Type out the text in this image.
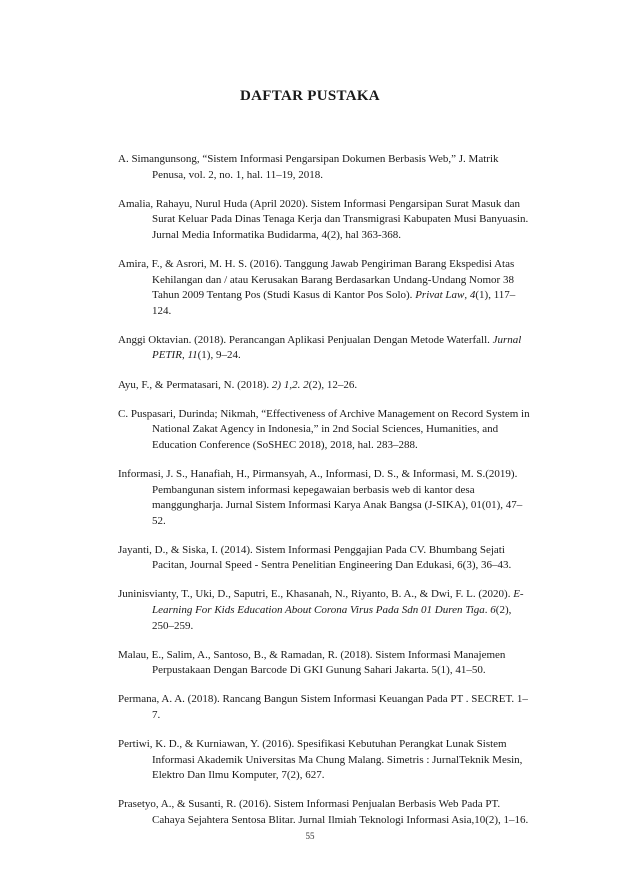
DAFTAR PUSTAKA
A. Simangunsong, “Sistem Informasi Pengarsipan Dokumen Berbasis Web,” J. Matrik Penusa, vol. 2, no. 1, hal. 11–19, 2018.
Amalia, Rahayu, Nurul Huda (April 2020). Sistem Informasi Pengarsipan Surat Masuk dan Surat Keluar Pada Dinas Tenaga Kerja dan Transmigrasi Kabupaten Musi Banyuasin. Jurnal Media Informatika Budidarma, 4(2), hal 363-368.
Amira, F., & Asrori, M. H. S. (2016). Tanggung Jawab Pengiriman Barang Ekspedisi Atas Kehilangan dan / atau Kerusakan Barang Berdasarkan Undang-Undang Nomor 38 Tahun 2009 Tentang Pos (Studi Kasus di Kantor Pos Solo). Privat Law, 4(1), 117–124.
Anggi Oktavian. (2018). Perancangan Aplikasi Penjualan Dengan Metode Waterfall. Jurnal PETIR, 11(1), 9–24.
Ayu, F., & Permatasari, N. (2018). 2) 1,2. 2(2), 12–26.
C. Puspasari, Durinda; Nikmah, “Effectiveness of Archive Management on Record System in National Zakat Agency in Indonesia,” in 2nd Social Sciences, Humanities, and Education Conference (SoSHEC 2018), 2018, hal. 283–288.
Informasi, J. S., Hanafiah, H., Pirmansyah, A., Informasi, D. S., & Informasi, M. S.(2019). Pembangunan sistem informasi kepegawaian berbasis web di kantor desa manggungharja. Jurnal Sistem Informasi Karya Anak Bangsa (J-SIKA), 01(01), 47–52.
Jayanti, D., & Siska, I. (2014). Sistem Informasi Penggajian Pada CV. Bhumbang Sejati Pacitan, Journal Speed - Sentra Penelitian Engineering Dan Edukasi, 6(3), 36–43.
Juninisvianty, T., Uki, D., Saputri, E., Khasanah, N., Riyanto, B. A., & Dwi, F. L. (2020). E-Learning For Kids Education About Corona Virus Pada Sdn 01 Duren Tiga. 6(2), 250–259.
Malau, E., Salim, A., Santoso, B., & Ramadan, R. (2018). Sistem Informasi Manajemen Perpustakaan Dengan Barcode Di GKI Gunung Sahari Jakarta. 5(1), 41–50.
Permana, A. A. (2018). Rancang Bangun Sistem Informasi Keuangan Pada PT . SECRET. 1–7.
Pertiwi, K. D., & Kurniawan, Y. (2016). Spesifikasi Kebutuhan Perangkat Lunak Sistem Informasi Akademik Universitas Ma Chung Malang. Simetris : JurnalTeknik Mesin, Elektro Dan Ilmu Komputer, 7(2), 627.
Prasetyo, A., & Susanti, R. (2016). Sistem Informasi Penjualan Berbasis Web Pada PT. Cahaya Sejahtera Sentosa Blitar. Jurnal Ilmiah Teknologi Informasi Asia,10(2), 1–16.
55
